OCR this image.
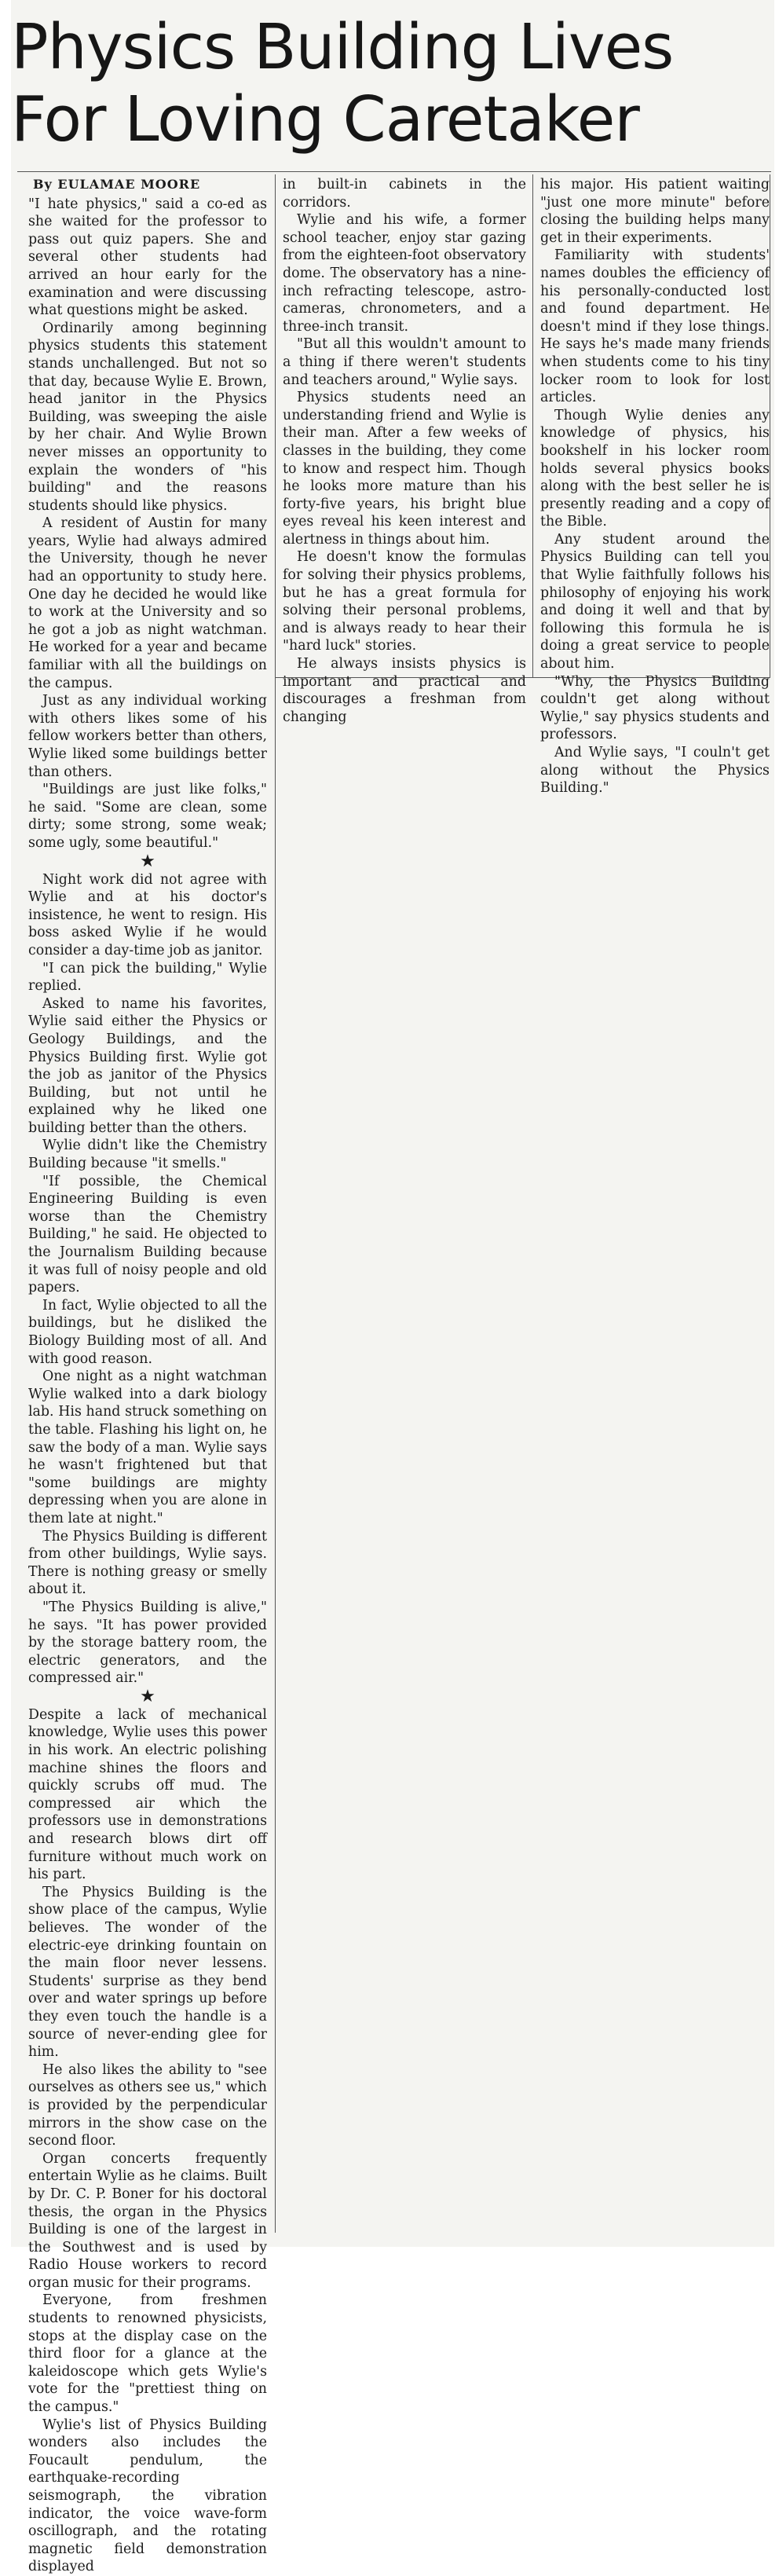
Physics Building Lives
For Loving Caretaker
By EULAMAE MOORE

"I hate physics," said a co-ed as she waited for the professor to pass out quiz papers. She and several other students had arrived an hour early for the examination and were discussing what questions might be asked.

Ordinarily among beginning physics students this statement stands unchallenged. But not so that day, because Wylie E. Brown, head janitor in the Physics Building, was sweeping the aisle by her chair. And Wylie Brown never misses an opportunity to explain the wonders of "his building" and the reasons students should like physics.

A resident of Austin for many years, Wylie had always admired the University, though he never had an opportunity to study here. One day he decided he would like to work at the University and so he got a job as night watchman. He worked for a year and became familiar with all the buildings on the campus.

Just as any individual working with others likes some of his fellow workers better than others, Wylie liked some buildings better than others.

"Buildings are just like folks," he said. "Some are clean, some dirty; some strong, some weak; some ugly, some beautiful."

★

Night work did not agree with Wylie and at his doctor's insistence, he went to resign. His boss asked Wylie if he would consider a day-time job as janitor.

"I can pick the building," Wylie replied.

Asked to name his favorites, Wylie said either the Physics or Geology Buildings, and the Physics Building first. Wylie got the job as janitor of the Physics Building, but not until he explained why he liked one building better than the others.

Wylie didn't like the Chemistry Building because "it smells."

"If possible, the Chemical Engineering Building is even worse than the Chemistry Building," he said. He objected to the Journalism Building because it was full of noisy people and old papers.

In fact, Wylie objected to all the buildings, but he disliked the Biology Building most of all. And with good reason.

One night as a night watchman Wylie walked into a dark biology lab. His hand struck something on the table. Flashing his light on, he saw the body of a man. Wylie says he wasn't frightened but that "some buildings are mighty depressing when you are alone in them late at night."

The Physics Building is different from other buildings, Wylie says. There is nothing greasy or smelly about it.

"The Physics Building is alive," he says. "It has power provided by the storage battery room, the electric generators, and the compressed air."

★

Despite a lack of mechanical knowledge, Wylie uses this power in his work. An electric polishing machine shines the floors and quickly scrubs off mud. The compressed air which the professors use in demonstrations and research blows dirt off furniture without much work on his part.

The Physics Building is the show place of the campus, Wylie believes. The wonder of the electric-eye drinking fountain on the main floor never lessens. Students' surprise as they bend over and water springs up before they even touch the handle is a source of never-ending glee for him.

He also likes the ability to "see ourselves as others see us," which is provided by the perpendicular mirrors in the show case on the second floor.

Organ concerts frequently entertain Wylie as he claims. Built by Dr. C. P. Boner for his doctoral thesis, the organ in the Physics Building is one of the largest in the Southwest and is used by Radio House workers to record organ music for their programs.

Everyone, from freshmen students to renowned physicists, stops at the display case on the third floor for a glance at the kaleidoscope which gets Wylie's vote for the "prettiest thing on the campus."

Wylie's list of Physics Building wonders also includes the Foucault pendulum, the earthquake-recording seismograph, the vibration indicator, the voice wave-form oscillograph, and the rotating magnetic field demonstration displayed

in built-in cabinets in the corridors.

Wylie and his wife, a former school teacher, enjoy star gazing from the eighteen-foot observatory dome. The observatory has a nine-inch refracting telescope, astro-cameras, chronometers, and a three-inch transit.

"But all this wouldn't amount to a thing if there weren't students and teachers around," Wylie says.

Physics students need an understanding friend and Wylie is their man. After a few weeks of classes in the building, they come to know and respect him. Though he looks more mature than his forty-five years, his bright blue eyes reveal his keen interest and alertness in things about him.

He doesn't know the formulas for solving their physics problems, but he has a great formula for solving their personal problems, and is always ready to hear their "hard luck" stories.

He always insists physics is important and practical and discourages a freshman from changing

his major. His patient waiting "just one more minute" before closing the building helps many get in their experiments.

Familiarity with students' names doubles the efficiency of his personally-conducted lost and found department. He doesn't mind if they lose things. He says he's made many friends when students come to his tiny locker room to look for lost articles.

Though Wylie denies any knowledge of physics, his bookshelf in his locker room holds several physics books along with the best seller he is presently reading and a copy of the Bible.

Any student around the Physics Building can tell you that Wylie faithfully follows his philosophy of enjoying his work and doing it well and that by following this formula he is doing a great service to people about him.

"Why, the Physics Building couldn't get along without Wylie," say physics students and professors.

And Wylie says, "I couln't get along without the Physics Building."
